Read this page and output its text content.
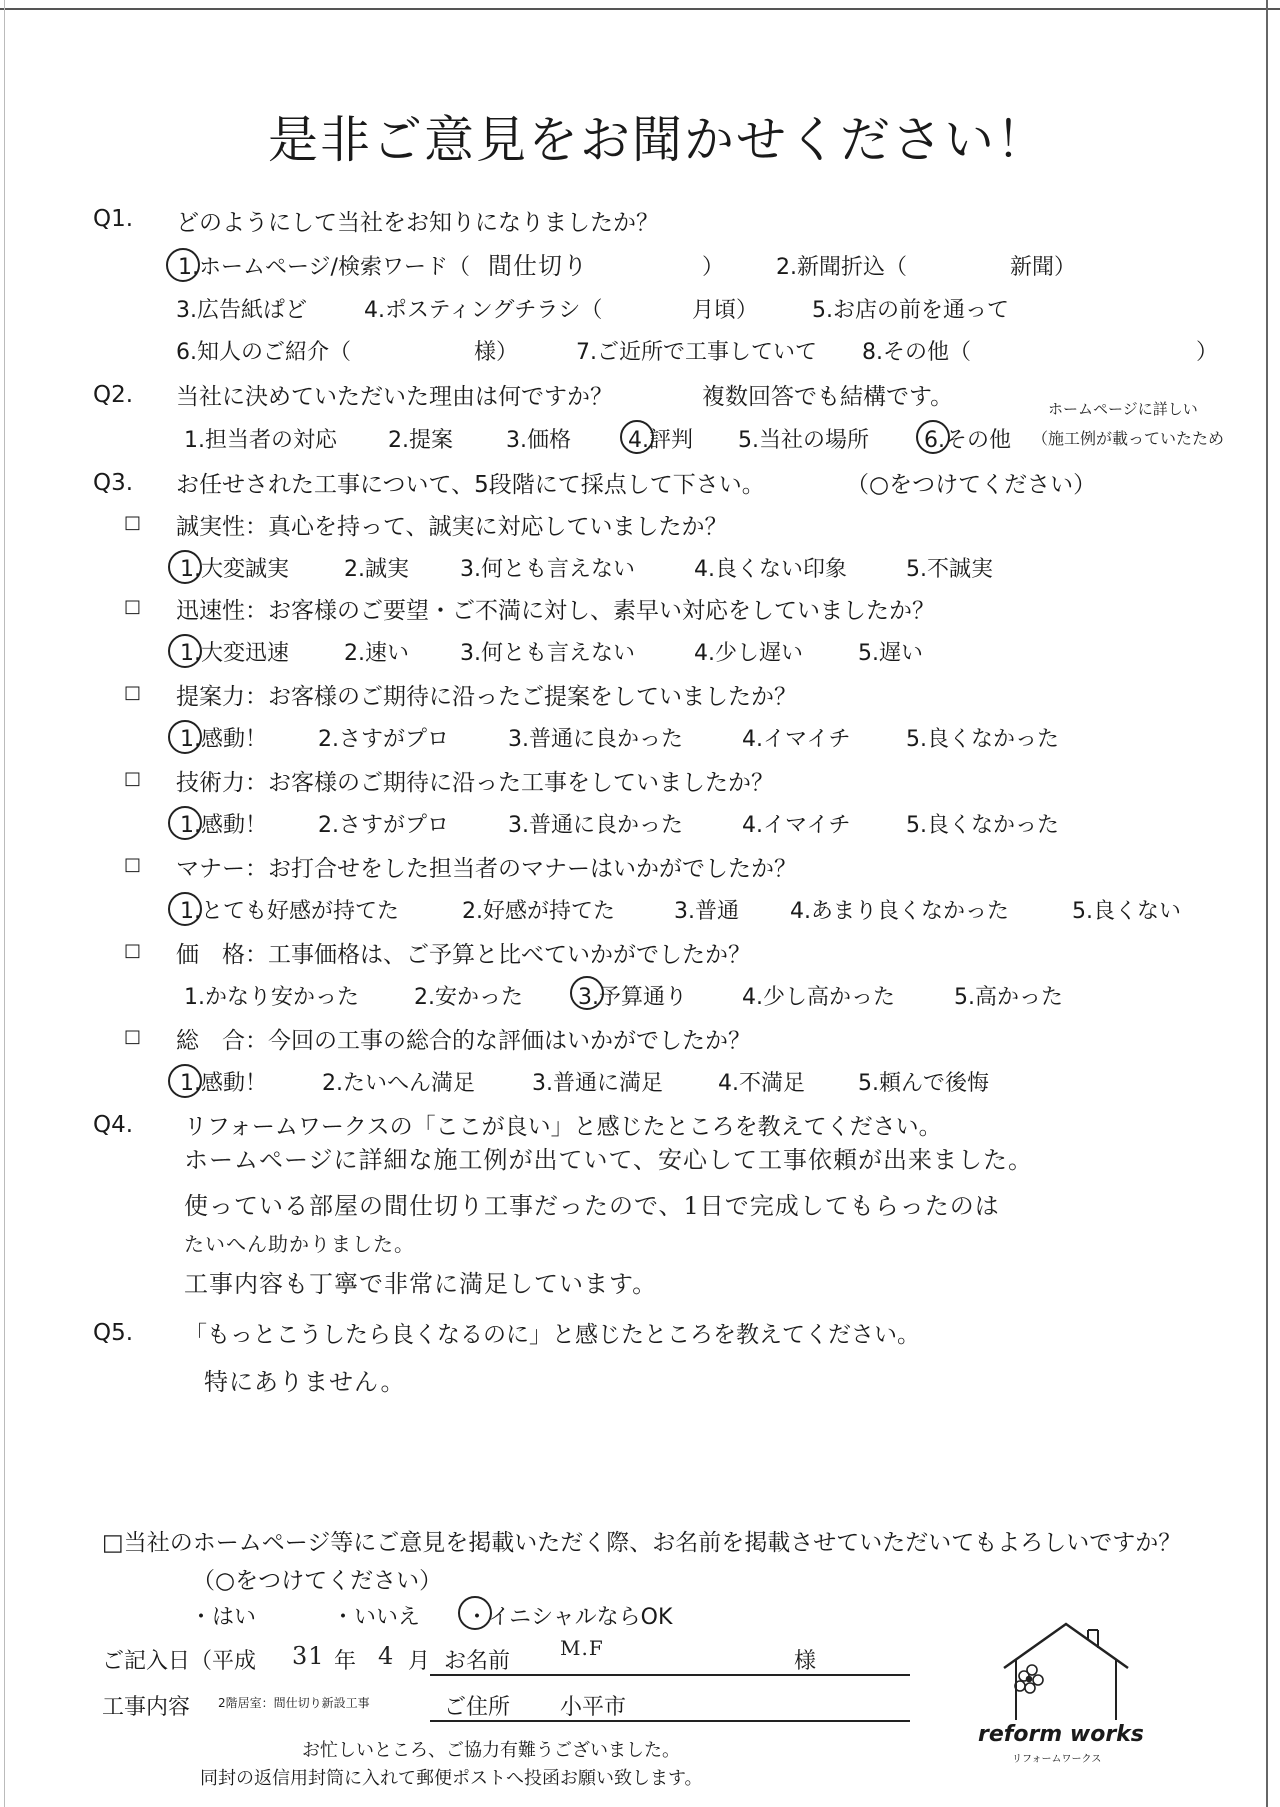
是非ご意見をお聞かせください！
Q1. どのようにして当社をお知りになりましたか？
1.ホームページ/検索ワード（ 間仕切り	） 2.新聞折込（	新聞）
3.広告紙ぱど	4.ポスティングチラシ（	月頃） 5.お店の前を通って
6.知人のご紹介（	様）	7.ご近所で工事していて 8.その他（	）
Q2. 当社に決めていただいた理由は何ですか？	複数回答でも結構です。	ホームページに詳しい
1.担当者の対応 2.提案 3.価格	4.評判 5.当社の場所	6.その他 （施工例が載っていたため
Q3. お任せされた工事について、5段階にて採点して下さい。	（○をつけてください）
□ 誠実性：真心を持って、誠実に対応していましたか？
1.大変誠実	2.誠実 3.何とも言えない	4.良くない印象	5.不誠実
□ 迅速性：お客様のご要望・ご不満に対し、素早い対応をしていましたか？
1.大変迅速	2.速い 3.何とも言えない	4.少し遅い	5.遅い
□ 提案力：お客様のご期待に沿ったご提案をしていましたか？
1.感動！ 2.さすがプロ	3.普通に良かった	4.イマイチ	5.良くなかった
□ 技術力：お客様のご期待に沿った工事をしていましたか？
1.感動！ 2.さすがプロ	3.普通に良かった	4.イマイチ	5.良くなかった
□ マナー：お打合せをした担当者のマナーはいかがでしたか？
1.とても好感が持てた	2.好感が持てた	3.普通 4.あまり良くなかった	5.良くない
□ 価　格：工事価格は、ご予算と比べていかがでしたか？
1.かなり安かった	2.安かった	3.予算通り	4.少し高かった	5.高かった
□ 総　合：今回の工事の総合的な評価はいかがでしたか？
1.感動！	2.たいへん満足	3.普通に満足	4.不満足 5.頼んで後悔
Q4. リフォームワークスの「ここが良い」と感じたところを教えてください。
ホームページに詳細な施工例が出ていて、安心して工事依頼が出来ました。
使っている部屋の間仕切り工事だったので、1日で完成してもらったのは
たいへん助かりました。
工事内容も丁寧で非常に満足しています。
Q5. 「もっとこうしたら良くなるのに」と感じたところを教えてください。
特にありません。
□当社のホームページ等にご意見を掲載いただく際、お名前を掲載させていただいてもよろしいですか？
（○をつけてください）
・はい	・いいえ ・イニシャルならOK
ご記入日（平成 31 年 4 月 お名前
M.F
様
工事内容 2階居室：間仕切り新設工事	ご住所 小平市
お忙しいところ、ご協力有難うございました。
同封の返信用封筒に入れて郵便ポストへ投函お願い致します。
reform works
リフォームワークス
